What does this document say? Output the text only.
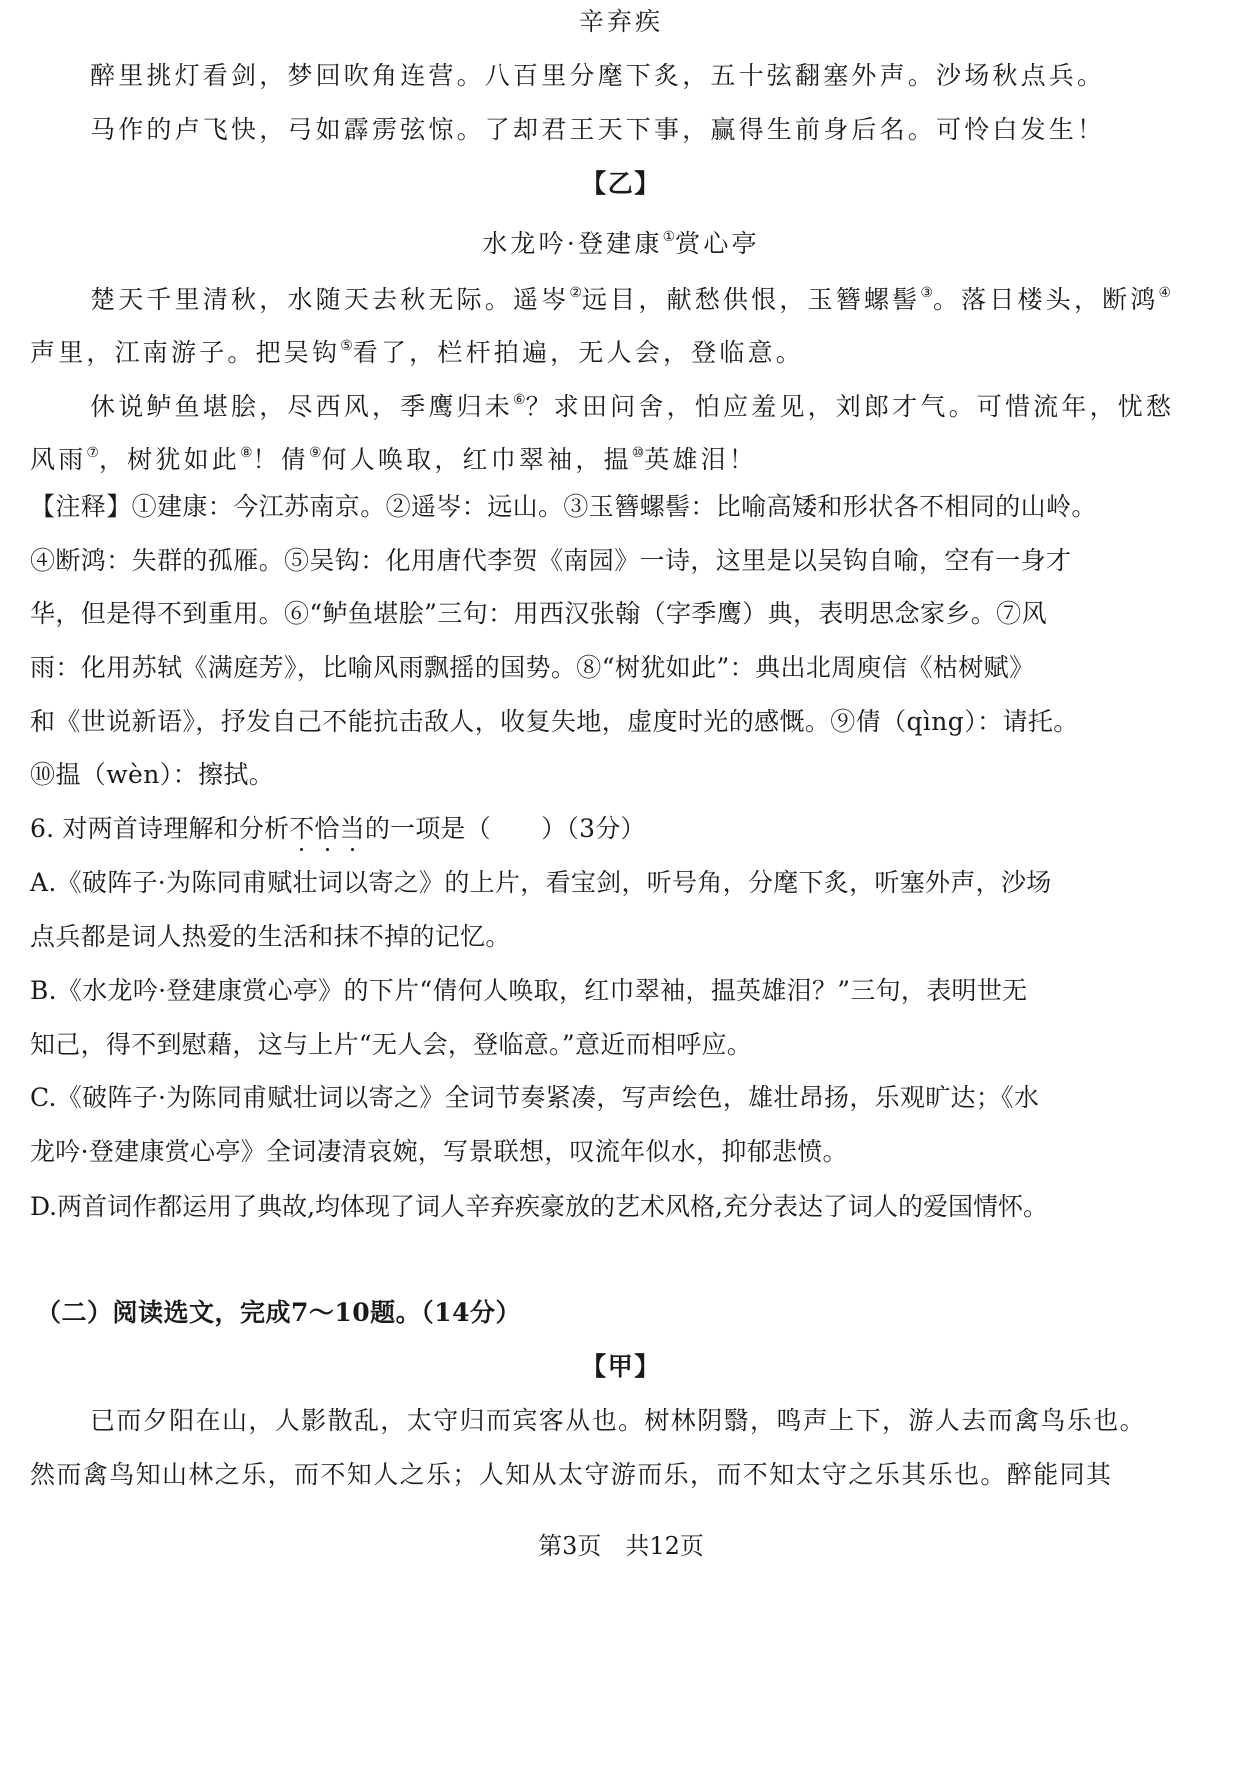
辛弃疾
醉里挑灯看剑，梦回吹角连营。八百里分麾下炙，五十弦翻塞外声。沙场秋点兵。
马作的卢飞快，弓如霹雳弦惊。了却君王天下事，赢得生前身后名。可怜白发生！
【乙】
水龙吟·登建康①赏心亭
楚天千里清秋，水随天去秋无际。遥岑②远目，献愁供恨，玉簪螺髻③。落日楼头，断鸿④
声里，江南游子。把吴钩⑤看了，栏杆拍遍，无人会，登临意。
休说鲈鱼堪脍，尽西风，季鹰归未⑥？求田问舍，怕应羞见，刘郎才气。可惜流年，忧愁
风雨⑦，树犹如此⑧！倩⑨何人唤取，红巾翠袖，揾⑩英雄泪！
【注释】①建康：今江苏南京。②遥岑：远山。③玉簪螺髻：比喻高矮和形状各不相同的山岭。
④断鸿：失群的孤雁。⑤吴钩：化用唐代李贺《南园》一诗，这里是以吴钩自喻，空有一身才
华，但是得不到重用。⑥“鲈鱼堪脍”三句：用西汉张翰（字季鹰）典，表明思念家乡。⑦风
雨：化用苏轼《满庭芳》，比喻风雨飘摇的国势。⑧“树犹如此”：典出北周庾信《枯树赋》
和《世说新语》，抒发自己不能抗击敌人，收复失地，虚度时光的感慨。⑨倩（qìng）：请托。
⑩揾（wèn）：擦拭。
6. 对两首诗理解和分析不恰当的一项是（　　）（3分）
A.《破阵子·为陈同甫赋壮词以寄之》的上片，看宝剑，听号角，分麾下炙，听塞外声，沙场
点兵都是词人热爱的生活和抹不掉的记忆。
B.《水龙吟·登建康赏心亭》的下片“倩何人唤取，红巾翠袖，揾英雄泪？”三句，表明世无
知己，得不到慰藉，这与上片“无人会，登临意。”意近而相呼应。
C.《破阵子·为陈同甫赋壮词以寄之》全词节奏紧凑，写声绘色，雄壮昂扬，乐观旷达；《水
龙吟·登建康赏心亭》全词凄清哀婉，写景联想，叹流年似水，抑郁悲愤。
D.两首词作都运用了典故,均体现了词人辛弃疾豪放的艺术风格,充分表达了词人的爱国情怀。
（二）阅读选文，完成7～10题。（14分）
【甲】
已而夕阳在山，人影散乱，太守归而宾客从也。树林阴翳，鸣声上下，游人去而禽鸟乐也。
然而禽鸟知山林之乐，而不知人之乐；人知从太守游而乐，而不知太守之乐其乐也。醉能同其
第3页　共12页
